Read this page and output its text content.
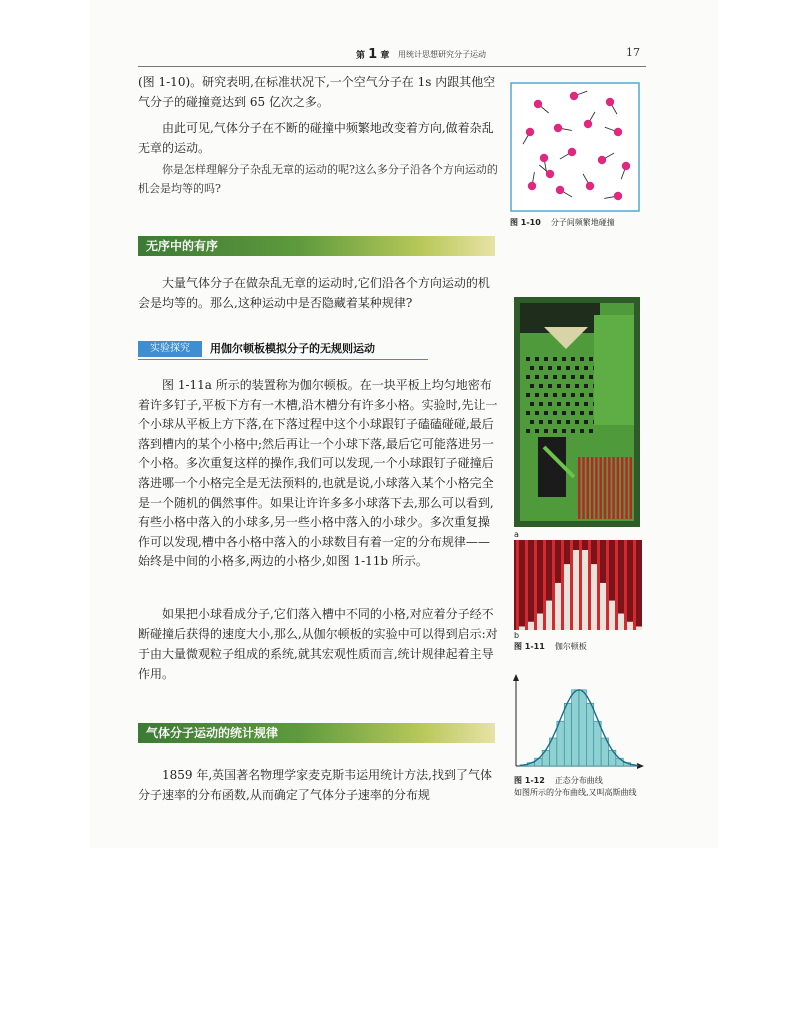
第 1 章 用统计思想研究分子运动	17

(图 1-10)。研究表明,在标准状况下,一个空气分子在 1s 内跟其他空气分子的碰撞竟达到 65 亿次之多。

由此可见,气体分子在不断的碰撞中频繁地改变着方向,做着杂乱无章的运动。

你是怎样理解分子杂乱无章的运动的呢?这么多分子沿各个方向运动的机会是均等的吗?

无序中的有序

大量气体分子在做杂乱无章的运动时,它们沿各个方向运动的机会是均等的。那么,这种运动中是否隐藏着某种规律?

实验探究	用伽尔顿板模拟分子的无规则运动

图 1-11a 所示的装置称为伽尔顿板。在一块平板上均匀地密布着许多钉子,平板下方有一木槽,沿木槽分有许多小格。实验时,先让一个小球从平板上方下落,在下落过程中这个小球跟钉子磕磕碰碰,最后落到槽内的某个小格中;然后再让一个小球下落,最后它可能落进另一个小格。多次重复这样的操作,我们可以发现,一个小球跟钉子碰撞后落进哪一个小格完全是无法预料的,也就是说,小球落入某个小格完全是一个随机的偶然事件。如果让许许多多小球落下去,那么可以看到,有些小格中落入的小球多,另一些小格中落入的小球少。多次重复操作可以发现,槽中各小格中落入的小球数目有着一定的分布规律——始终是中间的小格多,两边的小格少,如图 1-11b 所示。

如果把小球看成分子,它们落入槽中不同的小格,对应着分子经不断碰撞后获得的速度大小,那么,从伽尔顿板的实验中可以得到启示:对于由大量微观粒子组成的系统,就其宏观性质而言,统计规律起着主导作用。

气体分子运动的统计规律

1859 年,英国著名物理学家麦克斯韦运用统计方法,找到了气体分子速率的分布函数,从而确定了气体分子速率的分布规

图 1-10 分子间频繁地碰撞
a
b
图 1-11 伽尔顿板
图 1-12 正态分布曲线
如图所示的分布曲线,又叫高斯曲线
